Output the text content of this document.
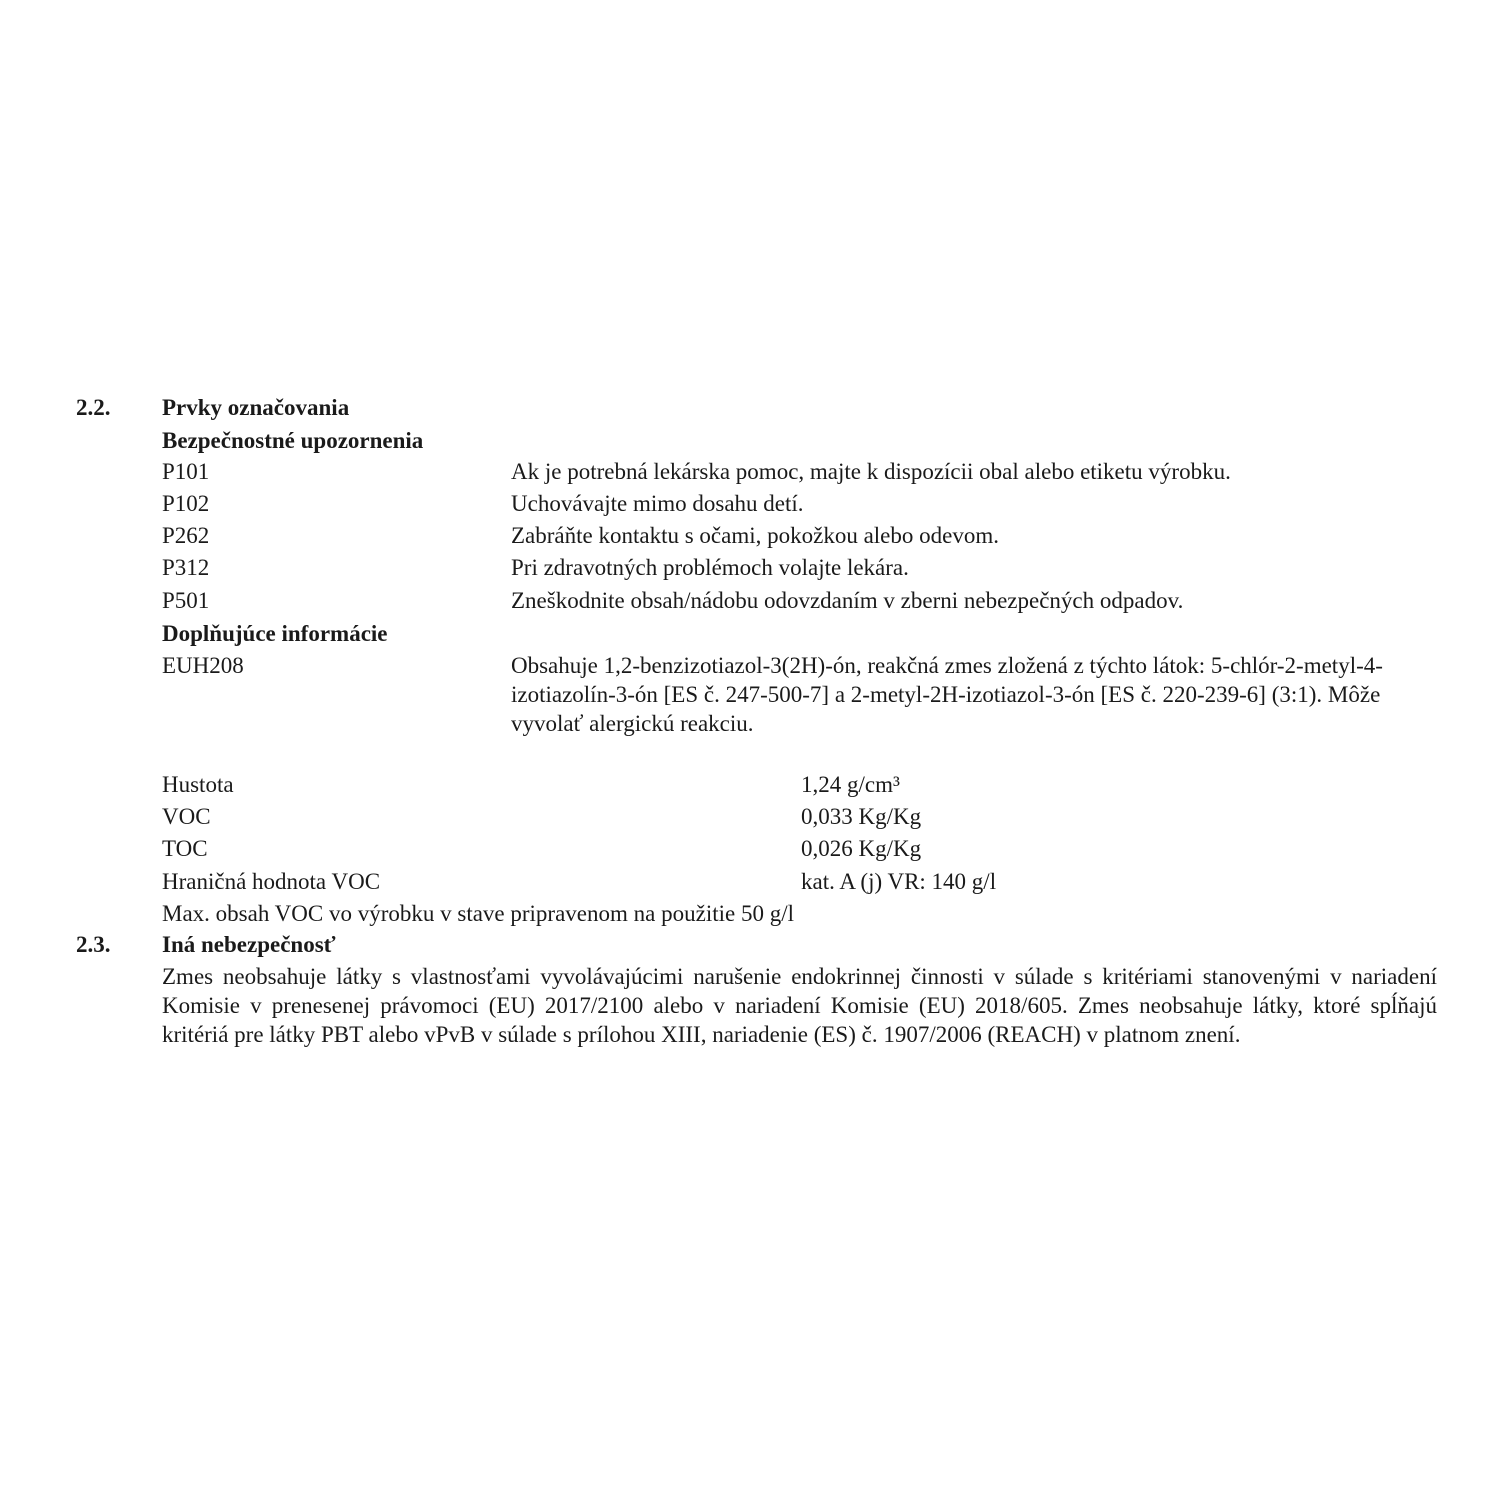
2.2. Prvky označovania
Bezpečnostné upozornenia
P101	Ak je potrebná lekárska pomoc, majte k dispozícii obal alebo etiketu výrobku.
P102	Uchovávajte mimo dosahu detí.
P262	Zabráňte kontaktu s očami, pokožkou alebo odevom.
P312	Pri zdravotných problémoch volajte lekára.
P501	Zneškodnite obsah/nádobu odovzdaním v zberni nebezpečných odpadov.
Doplňujúce informácie
EUH208	Obsahuje 1,2-benzizotiazol-3(2H)-ón, reakčná zmes zložená z týchto látok: 5-chlór-2-metyl-4-izotiazolín-3-ón [ES č. 247-500-7] a 2-metyl-2H-izotiazol-3-ón [ES č. 220-239-6] (3:1). Môže vyvolať alergickú reakciu.
Hustota	1,24 g/cm³
VOC	0,033 Kg/Kg
TOC	0,026 Kg/Kg
Hraničná hodnota VOC	kat. A (j) VR: 140 g/l
Max. obsah VOC vo výrobku v stave pripravenom na použitie 50 g/l
2.3. Iná nebezpečnosť
Zmes neobsahuje látky s vlastnosťami vyvolávajúcimi narušenie endokrinnej činnosti v súlade s kritériami stanovenými v nariadení Komisie v prenesenej právomoci (EU) 2017/2100 alebo v nariadení Komisie (EU) 2018/605. Zmes neobsahuje látky, ktoré spĺňajú kritériá pre látky PBT alebo vPvB v súlade s prílohou XIII, nariadenie (ES) č. 1907/2006 (REACH) v platnom znení.
